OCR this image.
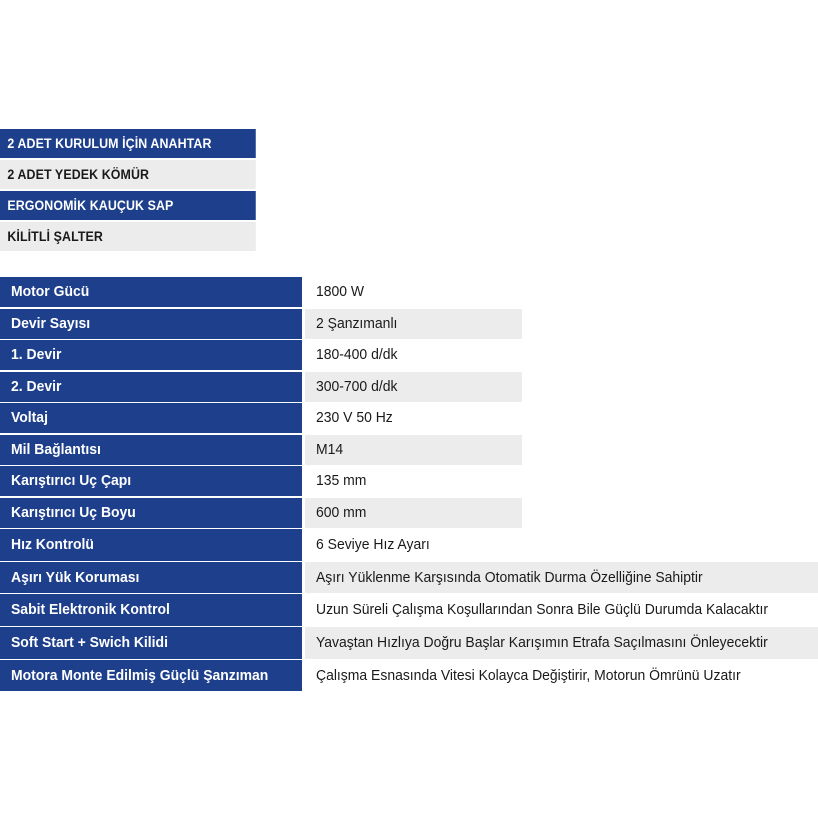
2 ADET KURULUM İÇİN ANAHTAR
2 ADET YEDEK KÖMÜR
ERGONOMİK KAUÇUK SAP
KİLİTLİ ŞALTER
Motor Gücü	1800 W
Devir Sayısı	2 Şanzımanlı
1. Devir	180-400 d/dk
2. Devir	300-700 d/dk
Voltaj	230 V 50 Hz
Mil Bağlantısı	M14
Karıştırıcı Uç Çapı	135 mm
Karıştırıcı Uç Boyu	600 mm
Hız Kontrolü	6 Seviye Hız Ayarı
Aşırı Yük Koruması	Aşırı Yüklenme Karşısında Otomatik Durma Özelliğine Sahiptir
Sabit Elektronik Kontrol	Uzun Süreli Çalışma Koşullarından Sonra Bile Güçlü Durumda Kalacaktır
Soft Start + Swich Kilidi	Yavaştan Hızlıya Doğru Başlar Karışımın Etrafa Saçılmasını Önleyecektir
Motora Monte Edilmiş Güçlü Şanzıman	Çalışma Esnasında Vitesi Kolayca Değiştirir, Motorun Ömrünü Uzatır
